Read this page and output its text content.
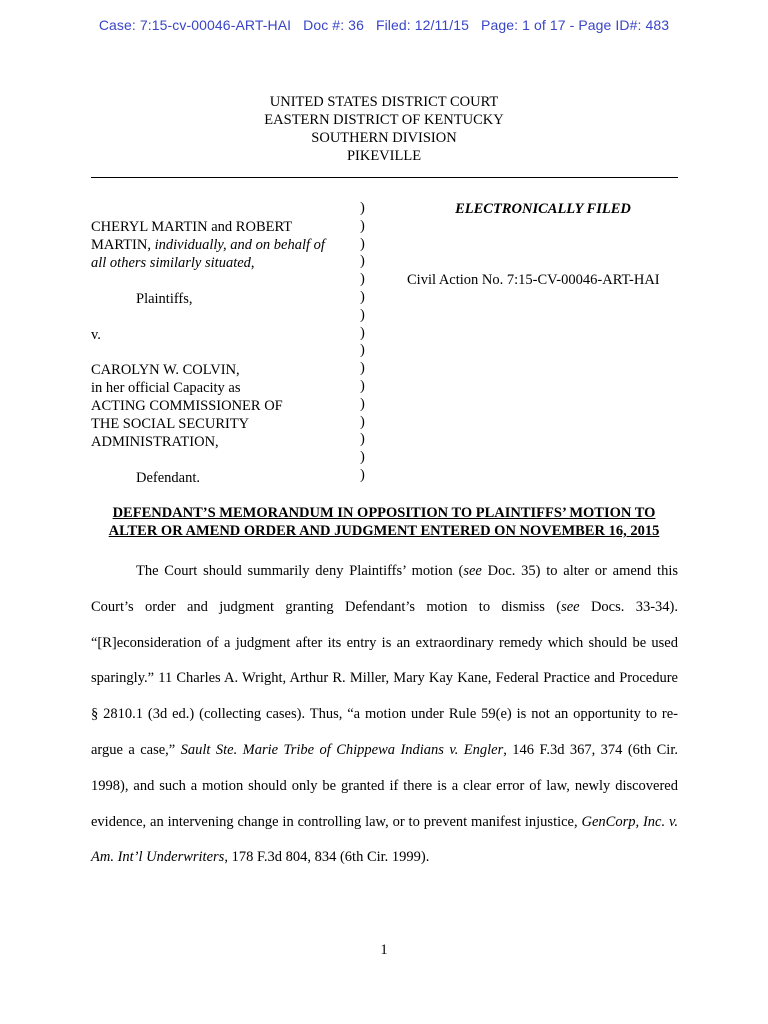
Case: 7:15-cv-00046-ART-HAI Doc #: 36 Filed: 12/11/15 Page: 1 of 17 - Page ID#: 483
UNITED STATES DISTRICT COURT
EASTERN DISTRICT OF KENTUCKY
SOUTHERN DIVISION
PIKEVILLE
CHERYL MARTIN and ROBERT
MARTIN, individually, and on behalf of
all others similarly situated,
Plaintiffs,
v.
CAROLYN W. COLVIN,
in her official Capacity as
ACTING COMMISSIONER OF
THE SOCIAL SECURITY
ADMINISTRATION,
Defendant.
)
)
)
)
)
)
)
)
)
)
)
)
)
)
)
)
ELECTRONICALLY FILED
Civil Action No. 7:15-CV-00046-ART-HAI
DEFENDANT’S MEMORANDUM IN OPPOSITION TO PLAINTIFFS’ MOTION TO
ALTER OR AMEND ORDER AND JUDGMENT ENTERED ON NOVEMBER 16, 2015

The Court should summarily deny Plaintiffs’ motion (see Doc. 35) to alter or amend this Court’s order and judgment granting Defendant’s motion to dismiss (see Docs. 33-34). “[R]econsideration of a judgment after its entry is an extraordinary remedy which should be used sparingly.” 11 Charles A. Wright, Arthur R. Miller, Mary Kay Kane, Federal Practice and Procedure § 2810.1 (3d ed.) (collecting cases). Thus, “a motion under Rule 59(e) is not an opportunity to re-argue a case,” Sault Ste. Marie Tribe of Chippewa Indians v. Engler, 146 F.3d 367, 374 (6th Cir. 1998), and such a motion should only be granted if there is a clear error of law, newly discovered evidence, an intervening change in controlling law, or to prevent manifest injustice, GenCorp, Inc. v. Am. Int’l Underwriters, 178 F.3d 804, 834 (6th Cir. 1999).

1
